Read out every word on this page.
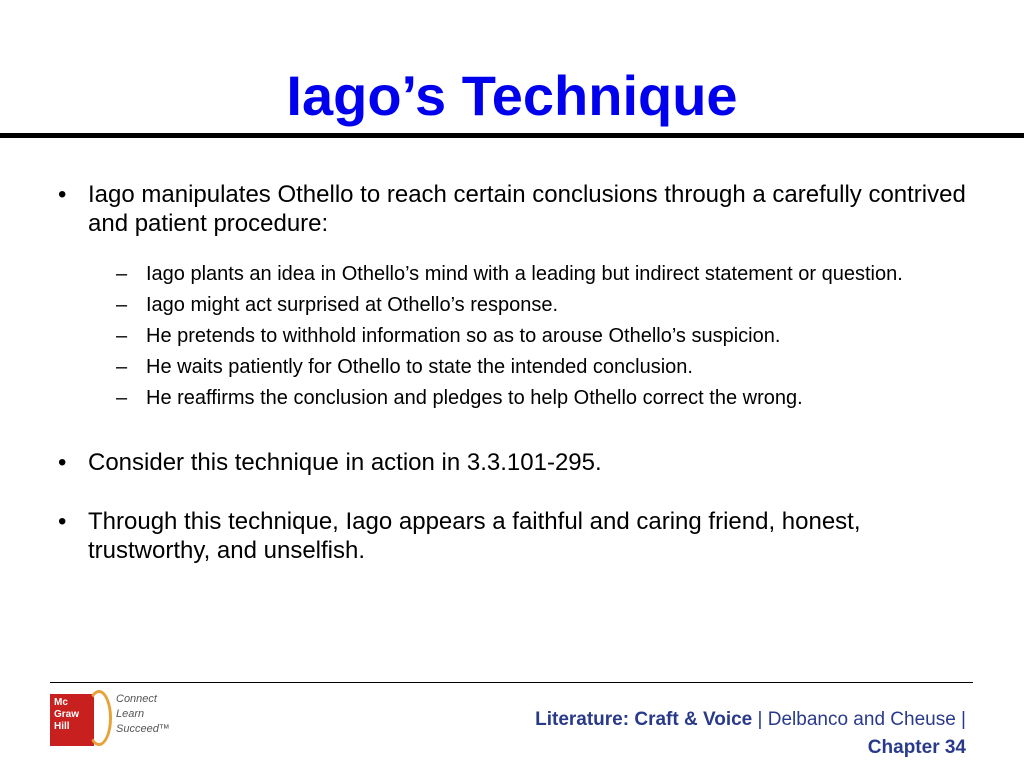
Iago’s Technique
• Iago manipulates Othello to reach certain conclusions through a carefully contrived and patient procedure:
– Iago plants an idea in Othello’s mind with a leading but indirect statement or question.
– Iago might act surprised at Othello’s response.
– He pretends to withhold information so as to arouse Othello’s suspicion.
– He waits patiently for Othello to state the intended conclusion.
– He reaffirms the conclusion and pledges to help Othello correct the wrong.
• Consider this technique in action in 3.3.101-295.
• Through this technique, Iago appears a faithful and caring friend, honest, trustworthy, and unselfish.
Mc
Graw
Hill
Connect
Learn
Succeed™	Literature: Craft & Voice | Delbanco and Cheuse |
Chapter 34
